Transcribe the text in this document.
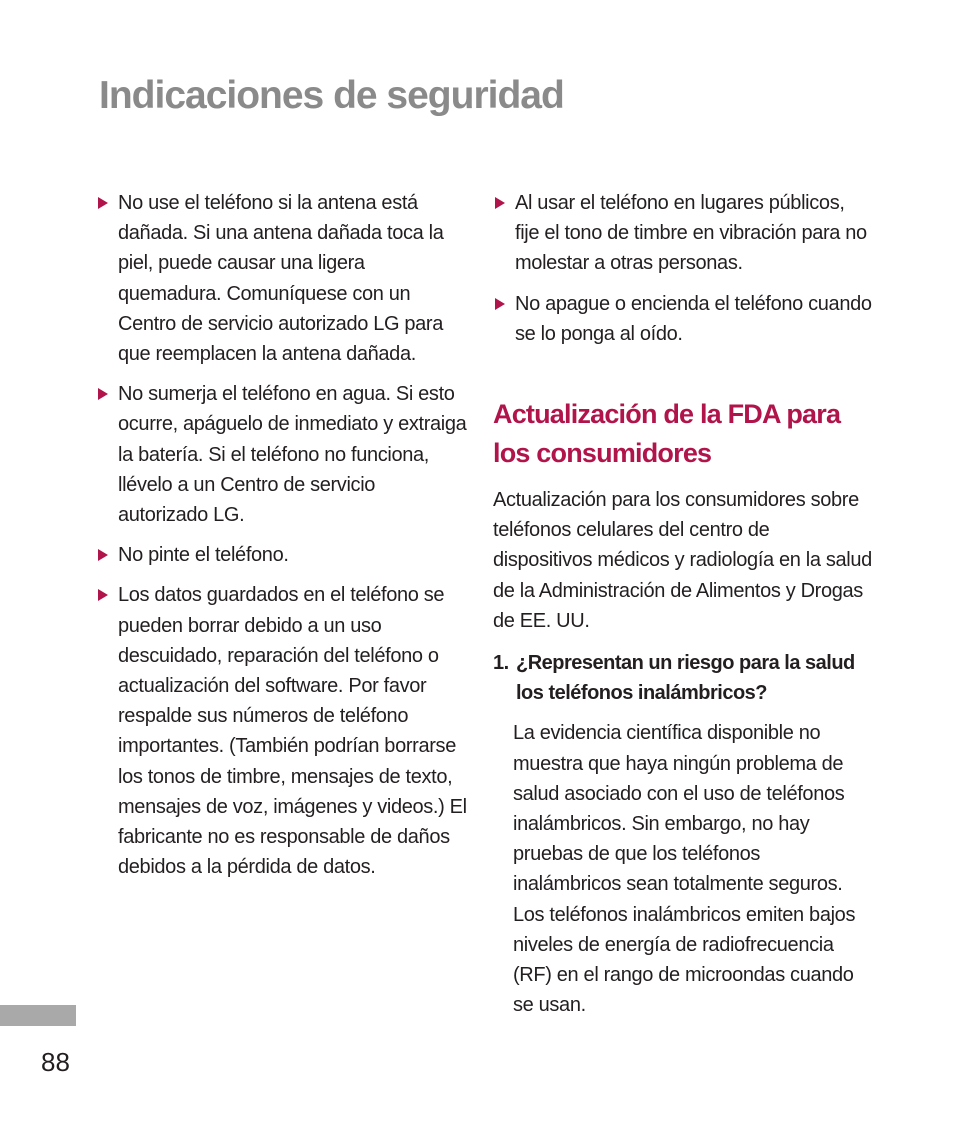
Indicaciones de seguridad
No use el teléfono si la antena está dañada. Si una antena dañada toca la piel, puede causar una ligera quemadura. Comuníquese con un Centro de servicio autorizado LG para que reemplacen la antena dañada.
No sumerja el teléfono en agua. Si esto ocurre, apáguelo de inmediato y extraiga la batería. Si el teléfono no funciona, llévelo a un Centro de servicio autorizado LG.
No pinte el teléfono.
Los datos guardados en el teléfono se pueden borrar debido a un uso descuidado, reparación del teléfono o actualización del software. Por favor respalde sus números de teléfono importantes. (También podrían borrarse los tonos de timbre, mensajes de texto, mensajes de voz, imágenes y videos.) El fabricante no es responsable de daños debidos a la pérdida de datos.
Al usar el teléfono en lugares públicos, fije el tono de timbre en vibración para no molestar a otras personas.
No apague o encienda el teléfono cuando se lo ponga al oído.
Actualización de la FDA para los consumidores

Actualización para los consumidores sobre teléfonos celulares del centro de dispositivos médicos y radiología en la salud de la Administración de Alimentos y Drogas de EE. UU.

1. ¿Representan un riesgo para la salud los teléfonos inalámbricos?

La evidencia científica disponible no muestra que haya ningún problema de salud asociado con el uso de teléfonos inalámbricos. Sin embargo, no hay pruebas de que los teléfonos inalámbricos sean totalmente seguros. Los teléfonos inalámbricos emiten bajos niveles de energía de radiofrecuencia (RF) en el rango de microondas cuando se usan.

88
